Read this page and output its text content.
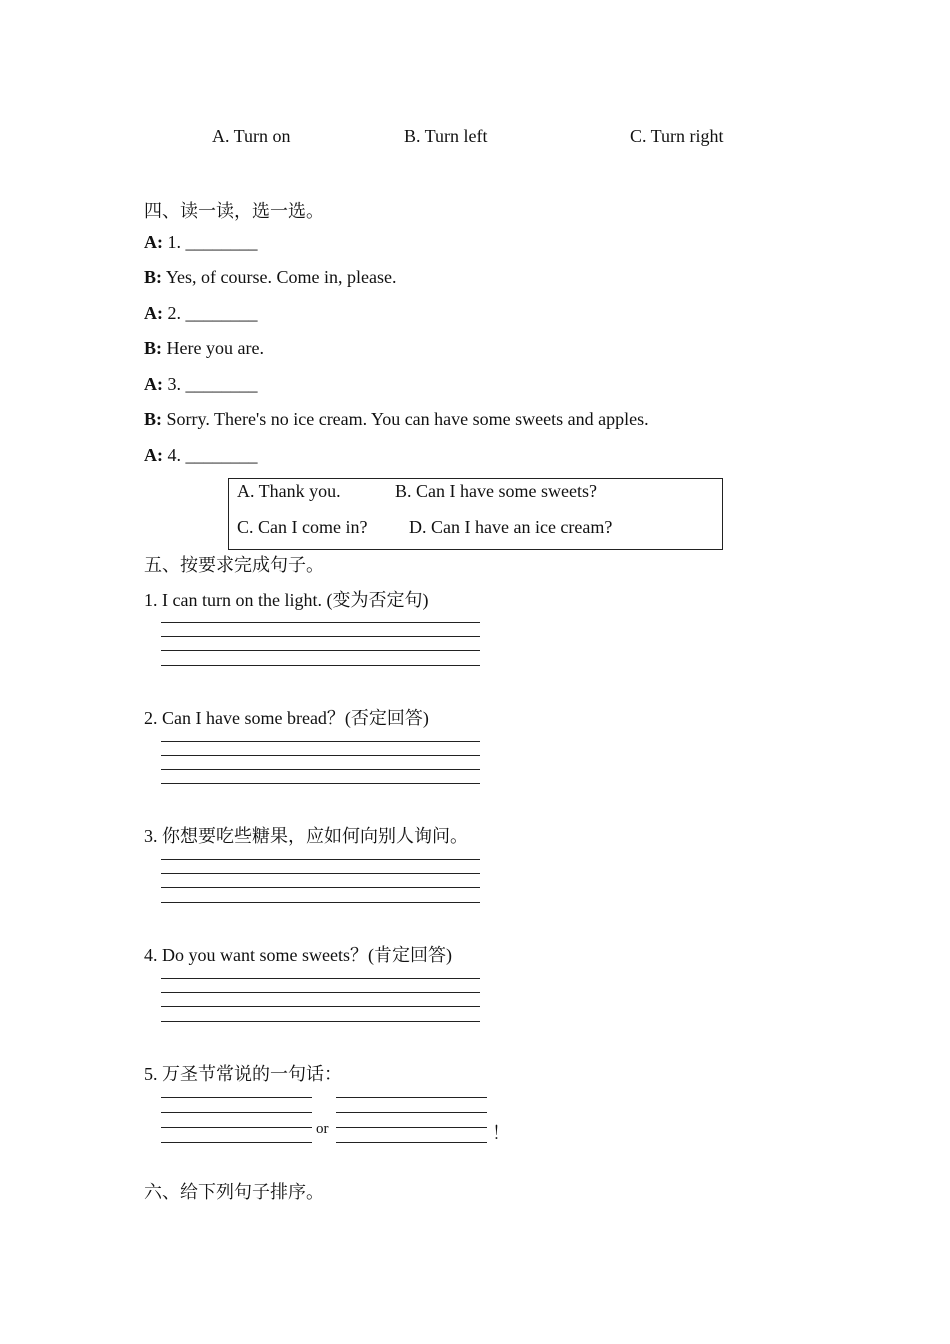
A. Turn on	B. Turn left	C. Turn right
四、读一读，选一选。
A: 1. ________
B: Yes, of course. Come in, please.
A: 2. ________
B: Here you are.
A: 3. ________
B: Sorry. There's no ice cream. You can have some sweets and apples.
A: 4. ________
A. Thank you.	B. Can I have some sweets?
C. Can I come in? D. Can I have an ice cream?
五、按要求完成句子。
1. I can turn on the light. (变为否定句)
2. Can I have some bread？(否定回答)
3. 你想要吃些糖果，应如何向别人询问。
4. Do you want some sweets？(肯定回答)
5. 万圣节常说的一句话：
or	！
六、给下列句子排序。
